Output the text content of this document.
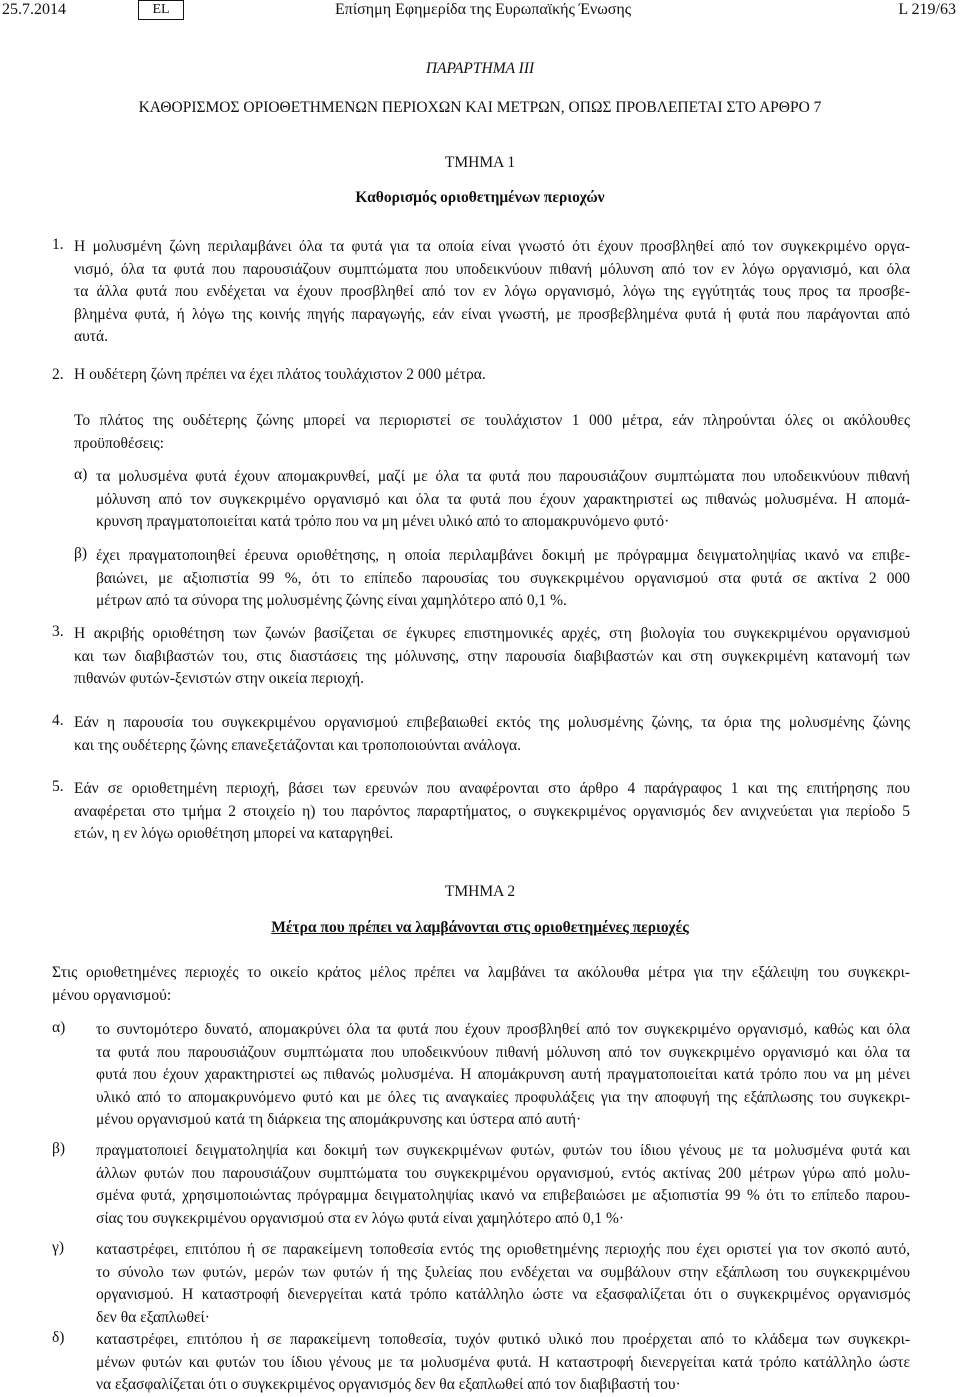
25.7.2014	EL	Επίσημη Εφημερίδα της Ευρωπαϊκής Ένωσης	L 219/63
ΠΑΡΑΡΤΗΜΑ III
ΚΑΘΟΡΙΣΜΟΣ ΟΡΙΟΘΕΤΗΜΕΝΩΝ ΠΕΡΙΟΧΩΝ ΚΑΙ ΜΕΤΡΩΝ, ΟΠΩΣ ΠΡΟΒΛΕΠΕΤΑΙ ΣΤΟ ΑΡΘΡΟ 7
ΤΜΗΜΑ 1
Καθορισμός οριοθετημένων περιοχών
1. Η μολυσμένη ζώνη περιλαμβάνει όλα τα φυτά για τα οποία είναι γνωστό ότι έχουν προσβληθεί από τον συγκεκριμένο οργα-
νισμό, όλα τα φυτά που παρουσιάζουν συμπτώματα που υποδεικνύουν πιθανή μόλυνση από τον εν λόγω οργανισμό, και όλα
τα άλλα φυτά που ενδέχεται να έχουν προσβληθεί από τον εν λόγω οργανισμό, λόγω της εγγύτητάς τους προς τα προσβε-
βλημένα φυτά, ή λόγω της κοινής πηγής παραγωγής, εάν είναι γνωστή, με προσβεβλημένα φυτά ή φυτά που παράγονται από
αυτά.
2. Η ουδέτερη ζώνη πρέπει να έχει πλάτος τουλάχιστον 2 000 μέτρα.
Το πλάτος της ουδέτερης ζώνης μπορεί να περιοριστεί σε τουλάχιστον 1 000 μέτρα, εάν πληρούνται όλες οι ακόλουθες
προϋποθέσεις:
α) τα μολυσμένα φυτά έχουν απομακρυνθεί, μαζί με όλα τα φυτά που παρουσιάζουν συμπτώματα που υποδεικνύουν πιθανή
μόλυνση από τον συγκεκριμένο οργανισμό και όλα τα φυτά που έχουν χαρακτηριστεί ως πιθανώς μολυσμένα. Η απομά-
κρυνση πραγματοποιείται κατά τρόπο που να μη μένει υλικό από το απομακρυνόμενο φυτό·
β) έχει πραγματοποιηθεί έρευνα οριοθέτησης, η οποία περιλαμβάνει δοκιμή με πρόγραμμα δειγματοληψίας ικανό να επιβε-
βαιώνει, με αξιοπιστία 99 %, ότι το επίπεδο παρουσίας του συγκεκριμένου οργανισμού στα φυτά σε ακτίνα 2 000
μέτρων από τα σύνορα της μολυσμένης ζώνης είναι χαμηλότερο από 0,1 %.
3. Η ακριβής οριοθέτηση των ζωνών βασίζεται σε έγκυρες επιστημονικές αρχές, στη βιολογία του συγκεκριμένου οργανισμού
και των διαβιβαστών του, στις διαστάσεις της μόλυνσης, στην παρουσία διαβιβαστών και στη συγκεκριμένη κατανομή των
πιθανών φυτών-ξενιστών στην οικεία περιοχή.
4. Εάν η παρουσία του συγκεκριμένου οργανισμού επιβεβαιωθεί εκτός της μολυσμένης ζώνης, τα όρια της μολυσμένης ζώνης
και της ουδέτερης ζώνης επανεξετάζονται και τροποποιούνται ανάλογα.
5. Εάν σε οριοθετημένη περιοχή, βάσει των ερευνών που αναφέρονται στο άρθρο 4 παράγραφος 1 και της επιτήρησης που
αναφέρεται στο τμήμα 2 στοιχείο η) του παρόντος παραρτήματος, ο συγκεκριμένος οργανισμός δεν ανιχνεύεται για περίοδο 5
ετών, η εν λόγω οριοθέτηση μπορεί να καταργηθεί.
ΤΜΗΜΑ 2
Μέτρα που πρέπει να λαμβάνονται στις οριοθετημένες περιοχές
Στις οριοθετημένες περιοχές το οικείο κράτος μέλος πρέπει να λαμβάνει τα ακόλουθα μέτρα για την εξάλειψη του συγκεκρι-
μένου οργανισμού:
α) το συντομότερο δυνατό, απομακρύνει όλα τα φυτά που έχουν προσβληθεί από τον συγκεκριμένο οργανισμό, καθώς και όλα
τα φυτά που παρουσιάζουν συμπτώματα που υποδεικνύουν πιθανή μόλυνση από τον συγκεκριμένο οργανισμό και όλα τα
φυτά που έχουν χαρακτηριστεί ως πιθανώς μολυσμένα. Η απομάκρυνση αυτή πραγματοποιείται κατά τρόπο που να μη μένει
υλικό από το απομακρυνόμενο φυτό και με όλες τις αναγκαίες προφυλάξεις για την αποφυγή της εξάπλωσης του συγκεκρι-
μένου οργανισμού κατά τη διάρκεια της απομάκρυνσης και ύστερα από αυτή·
β) πραγματοποιεί δειγματοληψία και δοκιμή των συγκεκριμένων φυτών, φυτών του ίδιου γένους με τα μολυσμένα φυτά και
άλλων φυτών που παρουσιάζουν συμπτώματα του συγκεκριμένου οργανισμού, εντός ακτίνας 200 μέτρων γύρω από μολυ-
σμένα φυτά, χρησιμοποιώντας πρόγραμμα δειγματοληψίας ικανό να επιβεβαιώσει με αξιοπιστία 99 % ότι το επίπεδο παρου-
σίας του συγκεκριμένου οργανισμού στα εν λόγω φυτά είναι χαμηλότερο από 0,1 %·
γ) καταστρέφει, επιτόπου ή σε παρακείμενη τοποθεσία εντός της οριοθετημένης περιοχής που έχει οριστεί για τον σκοπό αυτό,
το σύνολο των φυτών, μερών των φυτών ή της ξυλείας που ενδέχεται να συμβάλουν στην εξάπλωση του συγκεκριμένου
οργανισμού. Η καταστροφή διενεργείται κατά τρόπο κατάλληλο ώστε να εξασφαλίζεται ότι ο συγκεκριμένος οργανισμός
δεν θα εξαπλωθεί·
δ) καταστρέφει, επιτόπου ή σε παρακείμενη τοποθεσία, τυχόν φυτικό υλικό που προέρχεται από το κλάδεμα των συγκεκρι-
μένων φυτών και φυτών του ίδιου γένους με τα μολυσμένα φυτά. Η καταστροφή διενεργείται κατά τρόπο κατάλληλο ώστε
να εξασφαλίζεται ότι ο συγκεκριμένος οργανισμός δεν θα εξαπλωθεί από τον διαβιβαστή του·
